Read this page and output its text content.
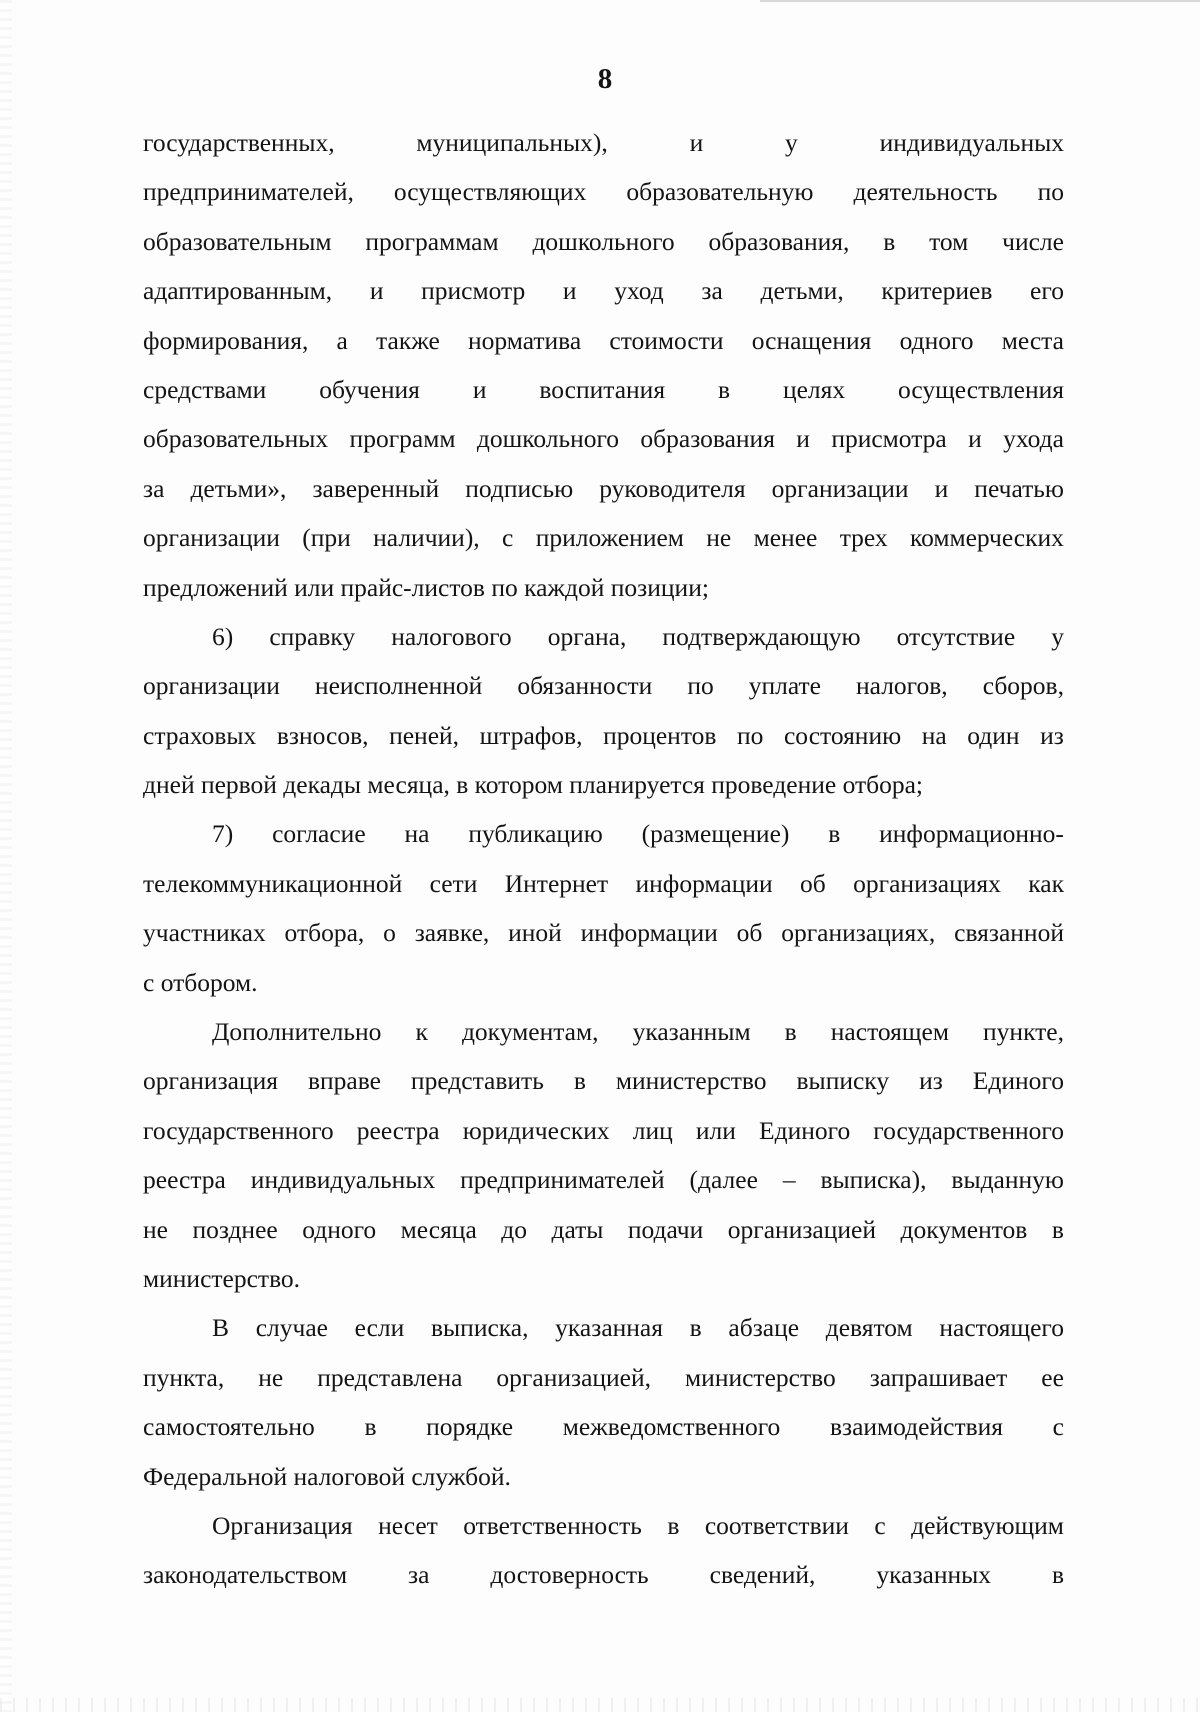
8
государственных,	муниципальных),	и	у	индивидуальных
предпринимателей, осуществляющих образовательную деятельность по
образовательным программам дошкольного образования, в том числе
адаптированным, и присмотр и уход за детьми, критериев его
формирования, а также норматива стоимости оснащения одного места
средствами обучения и воспитания в целях осуществления
образовательных программ дошкольного образования и присмотра и ухода
за детьми», заверенный подписью руководителя организации и печатью
организации (при наличии), с приложением не менее трех коммерческих
предложений или прайс-листов по каждой позиции;
6) справку налогового органа, подтверждающую отсутствие у
организации неисполненной обязанности по уплате налогов, сборов,
страховых взносов, пеней, штрафов, процентов по состоянию на один из
дней первой декады месяца, в котором планируется проведение отбора;
7) согласие на публикацию (размещение) в информационно-
телекоммуникационной сети Интернет информации об организациях как
участниках отбора, о заявке, иной информации об организациях, связанной
с отбором.
Дополнительно к документам, указанным в настоящем пункте,
организация вправе представить в министерство выписку из Единого
государственного реестра юридических лиц или Единого государственного
реестра индивидуальных предпринимателей (далее – выписка), выданную
не позднее одного месяца до даты подачи организацией документов в
министерство.
В случае если выписка, указанная в абзаце девятом настоящего
пункта, не представлена организацией, министерство запрашивает ее
самостоятельно в порядке межведомственного взаимодействия с
Федеральной налоговой службой.
Организация несет ответственность в соответствии с действующим
законодательством за достоверность сведений, указанных в
